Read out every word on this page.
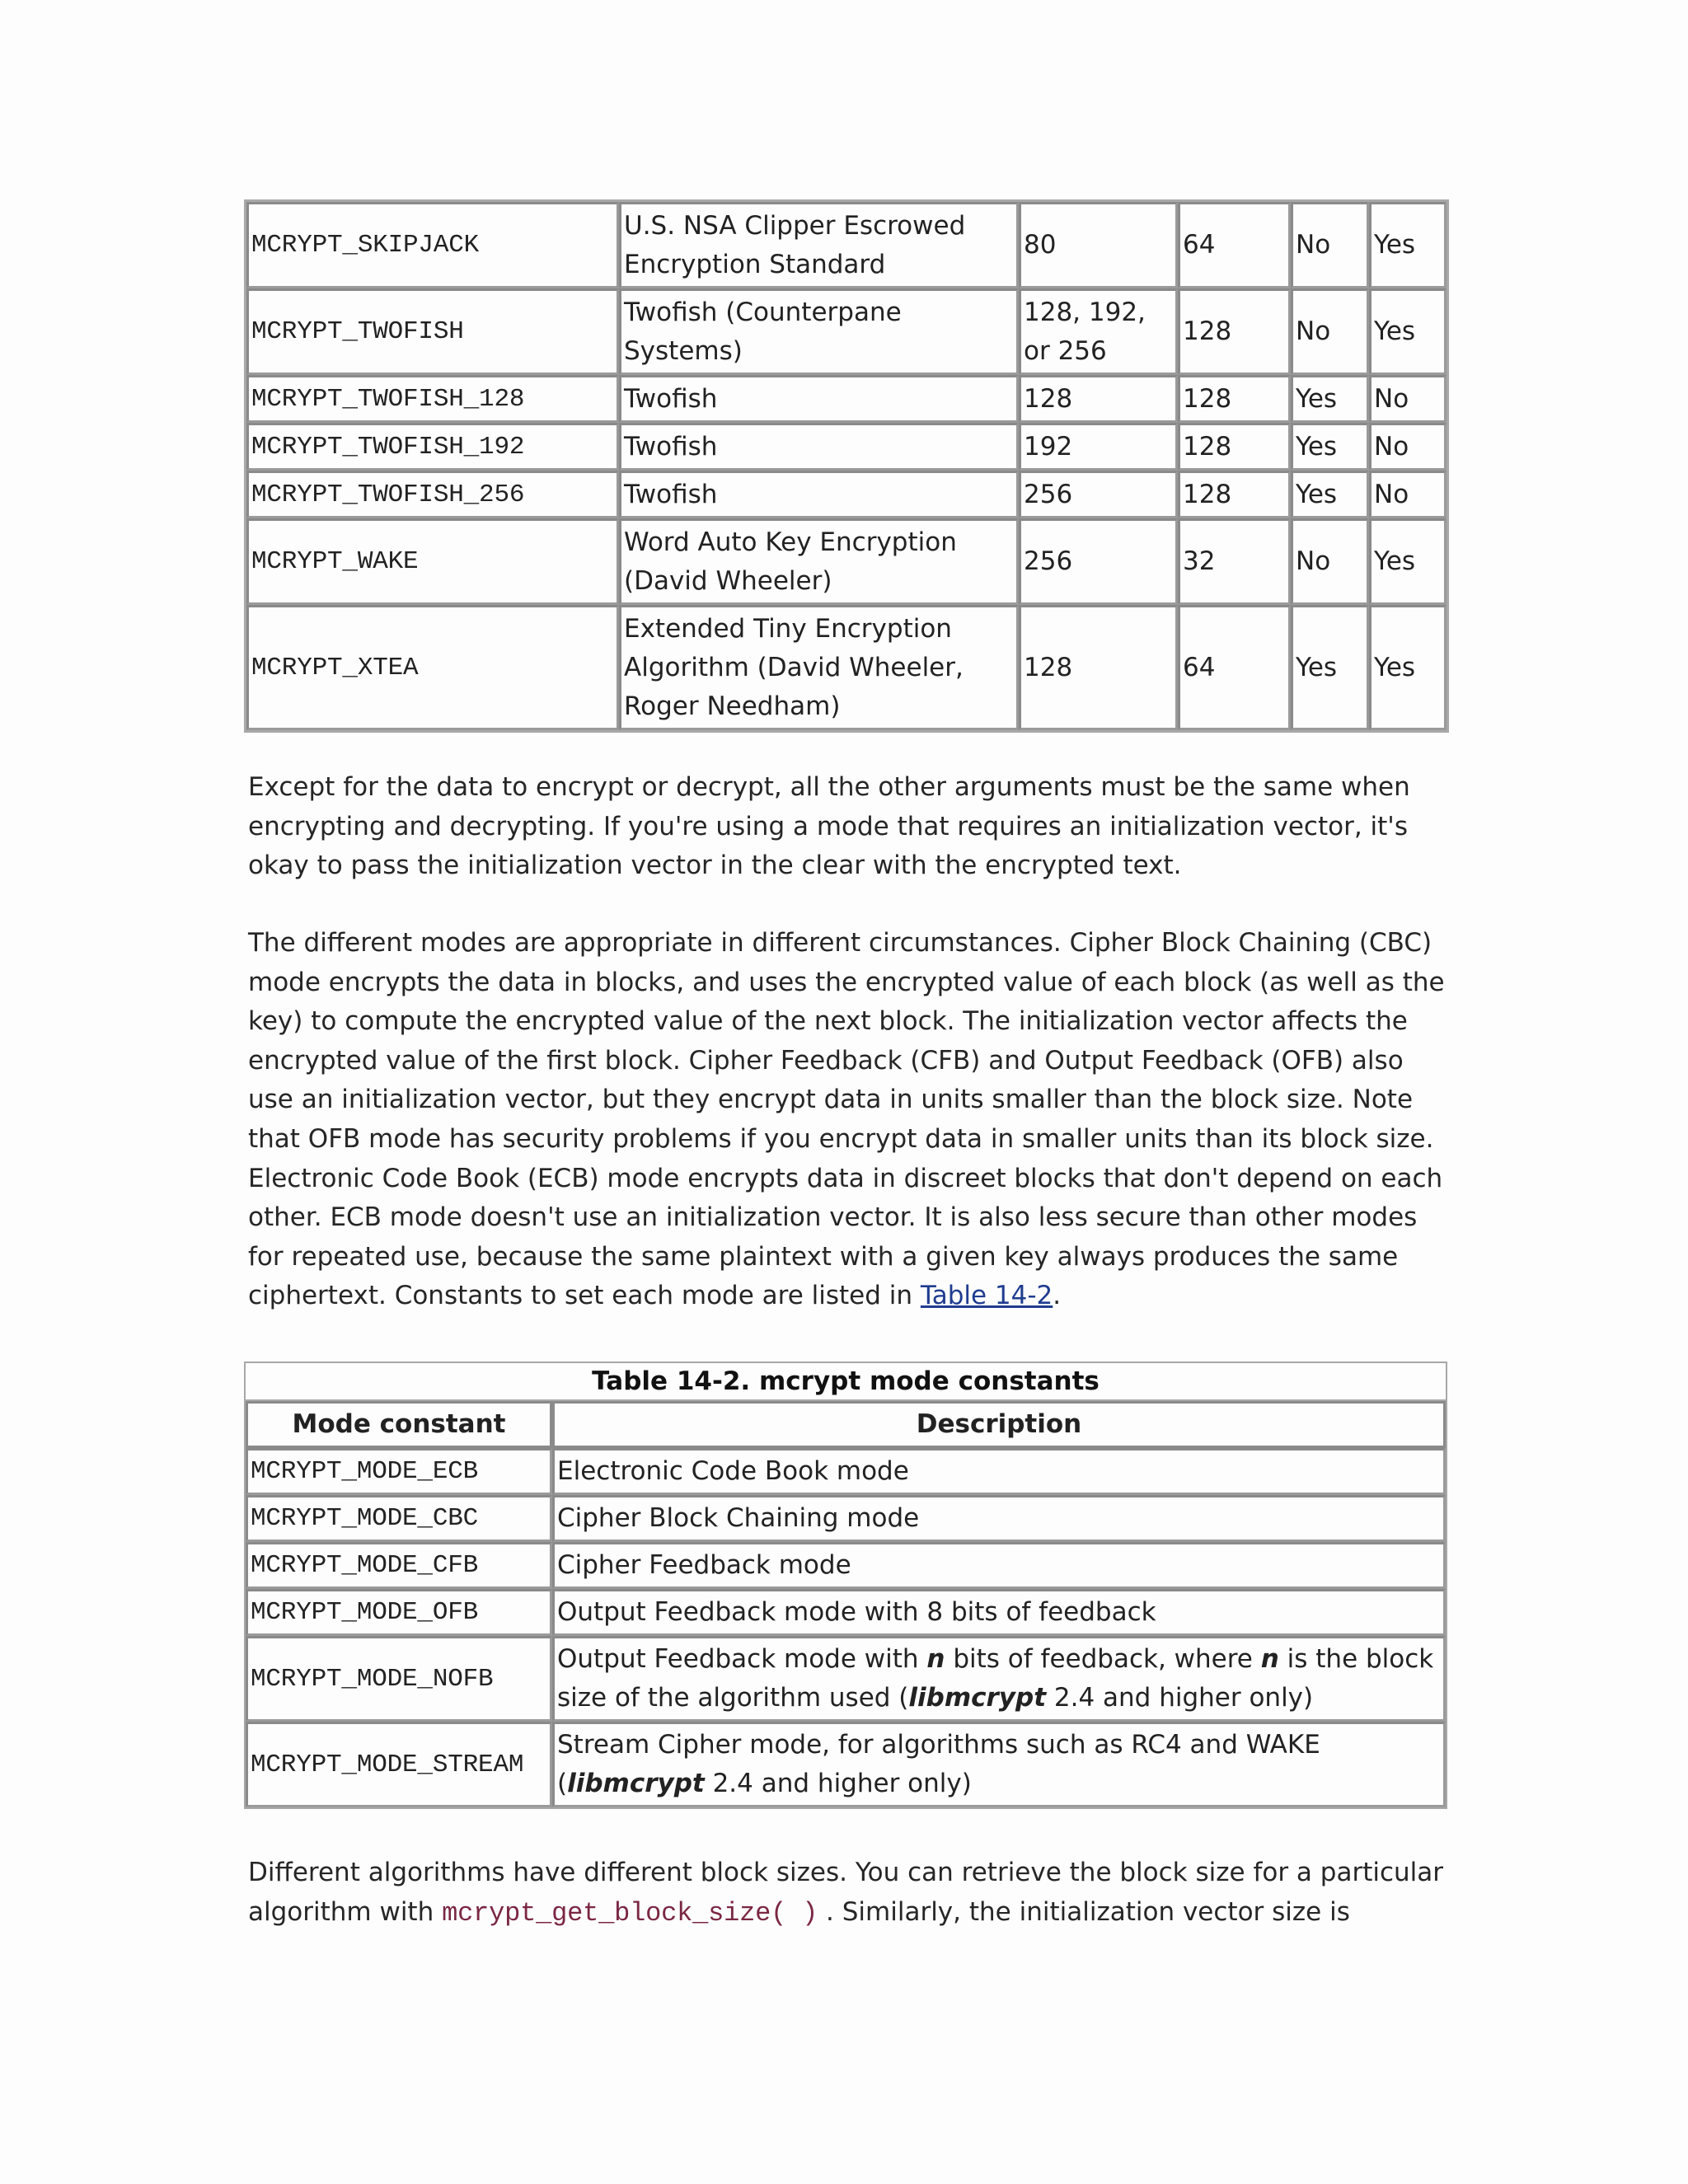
MCRYPT_SKIPJACK	U.S. NSA Clipper Escrowed Encryption Standard	80	64	No	Yes
MCRYPT_TWOFISH	Twofish (Counterpane Systems)	128, 192, or 256	128	No	Yes
MCRYPT_TWOFISH_128	Twofish	128	128	Yes	No
MCRYPT_TWOFISH_192	Twofish	192	128	Yes	No
MCRYPT_TWOFISH_256	Twofish	256	128	Yes	No
MCRYPT_WAKE	Word Auto Key Encryption (David Wheeler)	256	32	No	Yes
MCRYPT_XTEA	Extended Tiny Encryption Algorithm (David Wheeler, Roger Needham)	128	64	Yes	Yes

Except for the data to encrypt or decrypt, all the other arguments must be the same when encrypting and decrypting. If you're using a mode that requires an initialization vector, it's okay to pass the initialization vector in the clear with the encrypted text.

The different modes are appropriate in different circumstances. Cipher Block Chaining (CBC) mode encrypts the data in blocks, and uses the encrypted value of each block (as well as the key) to compute the encrypted value of the next block. The initialization vector affects the encrypted value of the first block. Cipher Feedback (CFB) and Output Feedback (OFB) also use an initialization vector, but they encrypt data in units smaller than the block size. Note that OFB mode has security problems if you encrypt data in smaller units than its block size. Electronic Code Book (ECB) mode encrypts data in discreet blocks that don't depend on each other. ECB mode doesn't use an initialization vector. It is also less secure than other modes for repeated use, because the same plaintext with a given key always produces the same ciphertext. Constants to set each mode are listed in Table 14-2.

Table 14-2. mcrypt mode constants
Mode constant	Description
MCRYPT_MODE_ECB	Electronic Code Book mode
MCRYPT_MODE_CBC	Cipher Block Chaining mode
MCRYPT_MODE_CFB	Cipher Feedback mode
MCRYPT_MODE_OFB	Output Feedback mode with 8 bits of feedback
MCRYPT_MODE_NOFB	Output Feedback mode with n bits of feedback, where n is the block size of the algorithm used (libmcrypt 2.4 and higher only)
MCRYPT_MODE_STREAM	Stream Cipher mode, for algorithms such as RC4 and WAKE (libmcrypt 2.4 and higher only)

Different algorithms have different block sizes. You can retrieve the block size for a particular algorithm with mcrypt_get_block_size( ) . Similarly, the initialization vector size is
